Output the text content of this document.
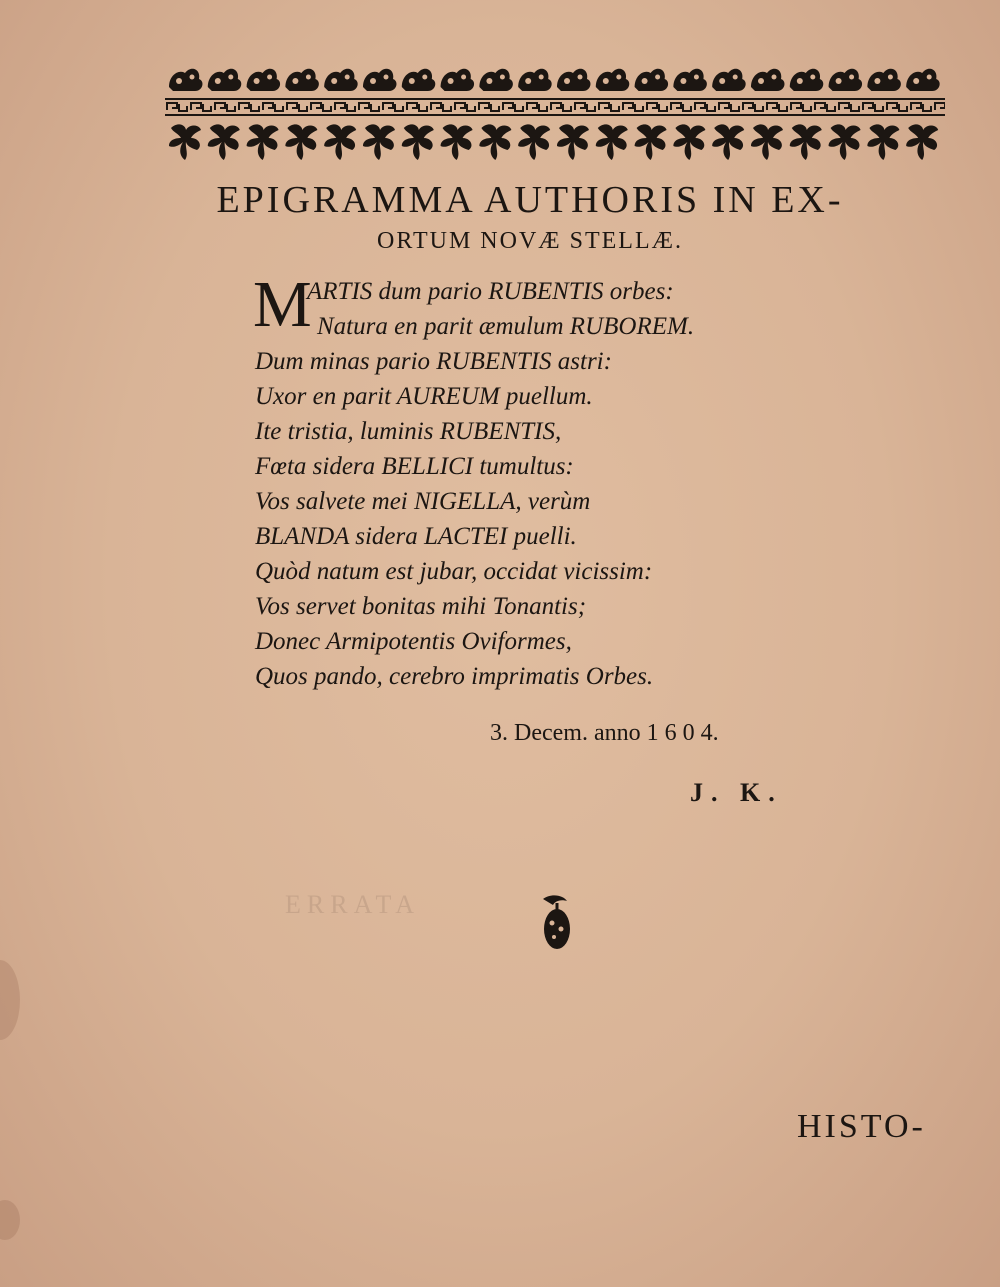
EPIGRAMMA AUTHORIS IN EX-
ORTUM NOVÆ STELLÆ.
M
ARTIS dum pario RUBENTIS orbes:
Natura en parit æmulum RUBOREM.
Dum minas pario RUBENTIS astri:
Uxor en parit AUREUM puellum.
Ite tristia, luminis RUBENTIS,
Fœta sidera BELLICI tumultus:
Vos salvete mei NIGELLA, verùm
BLANDA sidera LACTEI puelli.
Quòd natum est jubar, occidat vicissim:
Vos servet bonitas mihi Tonantis;
Donec Armipotentis Oviformes,
Quos pando, cerebro imprimatis Orbes.
3. Decem. anno 1 6 0 4.
J. K.
HISTO-
ERRATA
